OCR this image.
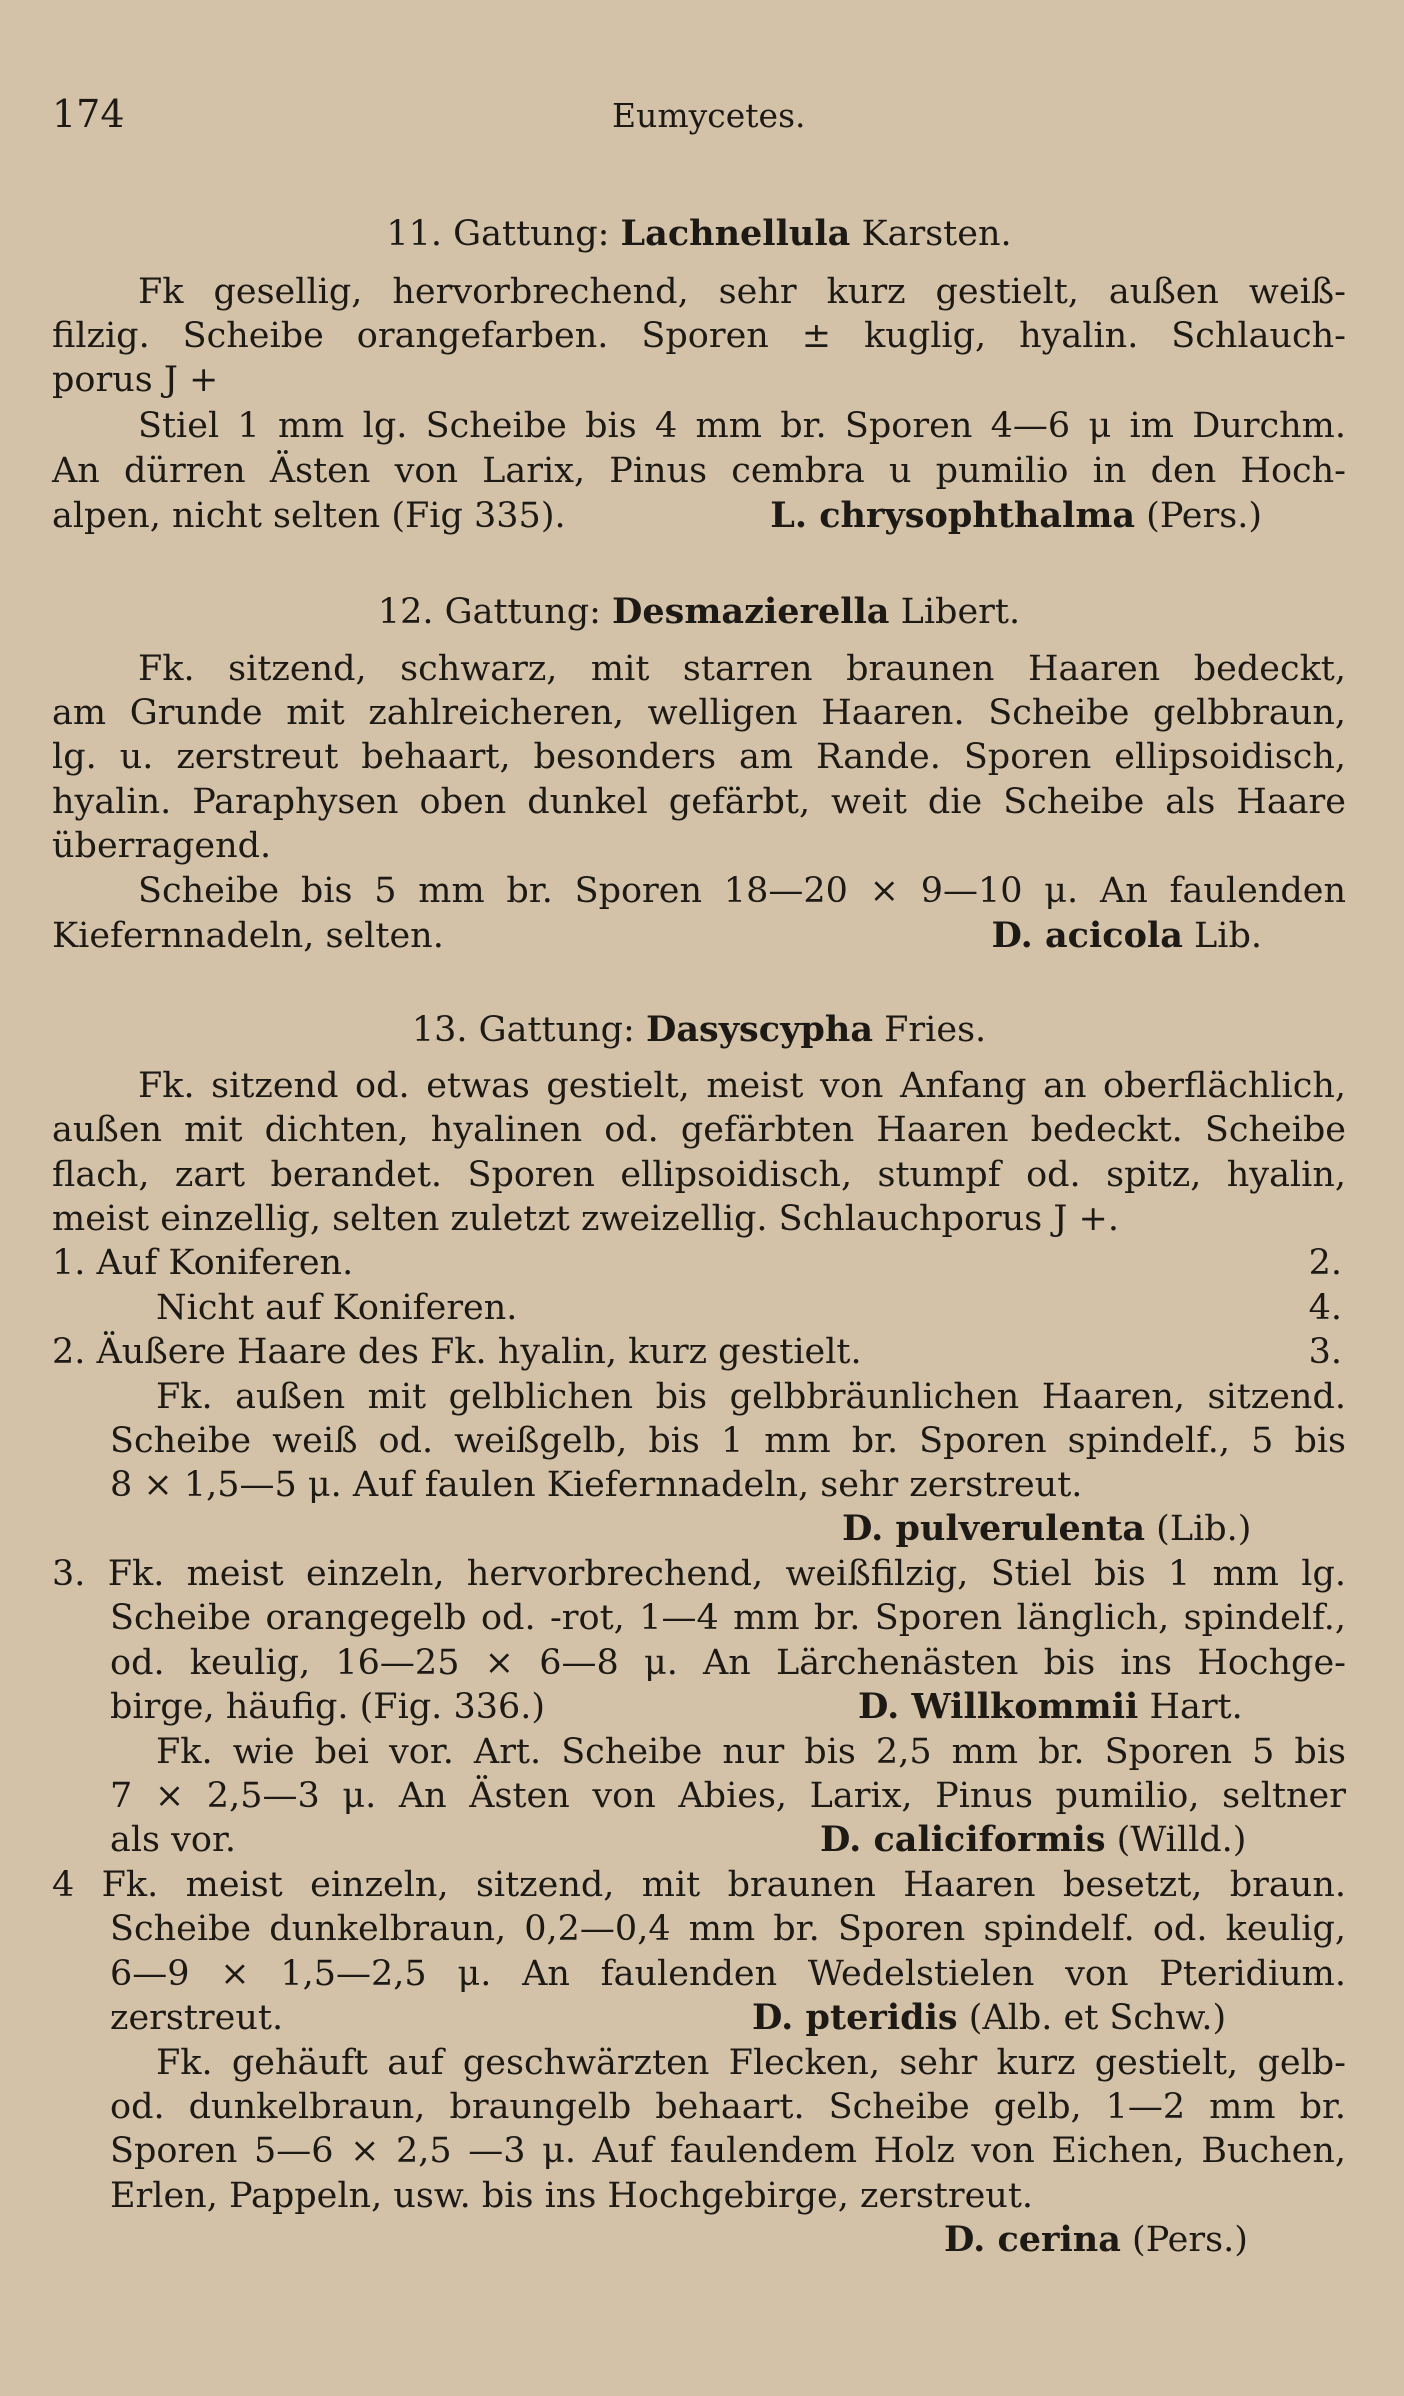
174	Eumycetes.
11. Gattung: Lachnellula Karsten.
Fk gesellig, hervorbrechend, sehr kurz gestielt, außen weiß-
filzig. Scheibe orangefarben. Sporen ± kuglig, hyalin. Schlauch-
porus J +
Stiel 1 mm lg. Scheibe bis 4 mm br. Sporen 4—6 μ im Durchm.
An dürren Ästen von Larix, Pinus cembra u pumilio in den Hoch-
alpen, nicht selten (Fig 335).	L. chrysophthalma (Pers.)
12. Gattung: Desmazierella Libert.
Fk. sitzend, schwarz, mit starren braunen Haaren bedeckt,
am Grunde mit zahlreicheren, welligen Haaren. Scheibe gelbbraun,
lg. u. zerstreut behaart, besonders am Rande. Sporen ellipsoidisch,
hyalin. Paraphysen oben dunkel gefärbt, weit die Scheibe als Haare
überragend.
Scheibe bis 5 mm br. Sporen 18—20 × 9—10 μ. An faulenden
Kiefernnadeln, selten.	D. acicola Lib.
13. Gattung: Dasyscypha Fries.
Fk. sitzend od. etwas gestielt, meist von Anfang an oberflächlich,
außen mit dichten, hyalinen od. gefärbten Haaren bedeckt. Scheibe
flach, zart berandet. Sporen ellipsoidisch, stumpf od. spitz, hyalin,
meist einzellig, selten zuletzt zweizellig. Schlauchporus J +.
1. Auf Koniferen.	2.
Nicht auf Koniferen.	4.
2. Äußere Haare des Fk. hyalin, kurz gestielt.	3.
Fk. außen mit gelblichen bis gelbbräunlichen Haaren, sitzend.
Scheibe weiß od. weißgelb, bis 1 mm br. Sporen spindelf., 5 bis
8 × 1,5—5 μ. Auf faulen Kiefernnadeln, sehr zerstreut.
D. pulverulenta (Lib.)
3. Fk. meist einzeln, hervorbrechend, weißfilzig, Stiel bis 1 mm lg.
Scheibe orangegelb od. -rot, 1—4 mm br. Sporen länglich, spindelf.,
od. keulig, 16—25 × 6—8 μ. An Lärchenästen bis ins Hochge-
birge, häufig. (Fig. 336.)	D. Willkommii Hart.
Fk. wie bei vor. Art. Scheibe nur bis 2,5 mm br. Sporen 5 bis
7 × 2,5—3 μ. An Ästen von Abies, Larix, Pinus pumilio, seltner
als vor.	D. caliciformis (Willd.)
4 Fk. meist einzeln, sitzend, mit braunen Haaren besetzt, braun.
Scheibe dunkelbraun, 0,2—0,4 mm br. Sporen spindelf. od. keulig,
6—9 × 1,5—2,5 μ. An faulenden Wedelstielen von Pteridium.
zerstreut.	D. pteridis (Alb. et Schw.)
Fk. gehäuft auf geschwärzten Flecken, sehr kurz gestielt, gelb-
od. dunkelbraun, braungelb behaart. Scheibe gelb, 1—2 mm br.
Sporen 5—6 × 2,5 —3 μ. Auf faulendem Holz von Eichen, Buchen,
Erlen, Pappeln, usw. bis ins Hochgebirge, zerstreut.
D. cerina (Pers.)
